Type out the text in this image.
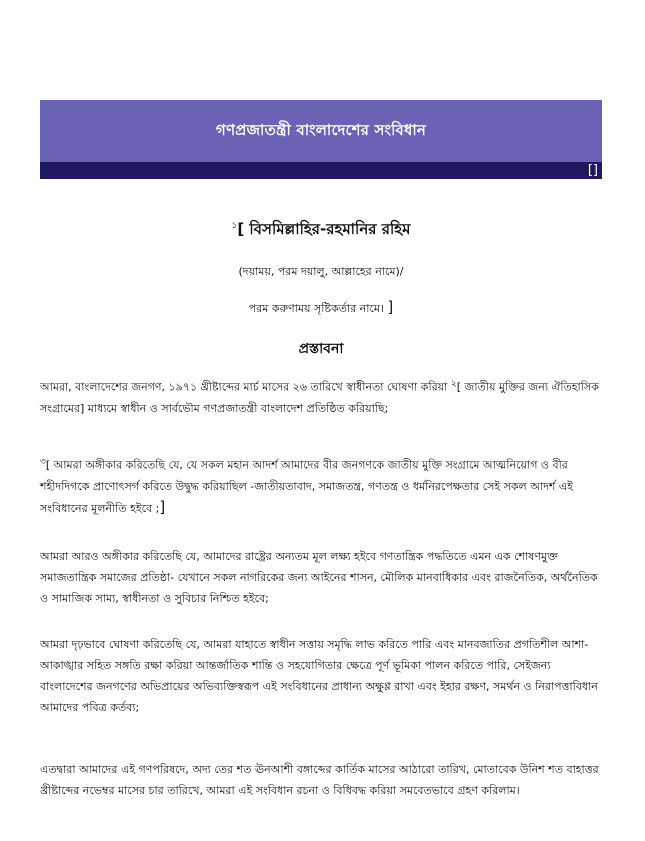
গণপ্রজাতন্ত্রী বাংলাদেশের সংবিধান
[]
$^১$[ বিসমিল্লাহির-রহমানির রহিম
(দয়াময়, পরম দয়ালু, আল্লাহের নামে)/
পরম করুণাময় সৃষ্টিকর্তার নামে। ]
প্রস্তাবনা
আমরা, বাংলাদেশের জনগণ, ১৯৭১ খ্রীষ্টাব্দের মার্চ মাসের ২৬ তারিখে স্বাধীনতা ঘোষণা করিয়া $^২$[ জাতীয় মুক্তির জন্য ঐতিহাসিক সংগ্রামের] মাধ্যমে স্বাধীন ও সার্বভৌম গণপ্রজাতন্ত্রী বাংলাদেশ প্রতিষ্ঠিত করিয়াছি;
$^৩$[ আমরা অঙ্গীকার করিতেছি যে, যে সকল মহান আদর্শ আমাদের বীর জনগণকে জাতীয় মুক্তি সংগ্রামে আত্মনিয়োগ ও বীর শহীদদিগকে প্রাণোৎসর্গ করিতে উদ্বুদ্ধ করিয়াছিল -জাতীয়তাবাদ, সমাজতন্ত্র, গণতন্ত্র ও ধর্মনিরপেক্ষতার সেই সকল আদর্শ এই সংবিধানের মূলনীতি হইবে ;]
আমরা আরও অঙ্গীকার করিতেছি যে, আমাদের রাষ্ট্রের অন্যতম মূল লক্ষ্য হইবে গণতান্ত্রিক পদ্ধতিতে এমন এক শোষণমুক্ত সমাজতান্ত্রিক সমাজের প্রতিষ্ঠা- যেখানে সকল নাগরিকের জন্য আইনের শাসন, মৌলিক মানবাধিকার এবং রাজনৈতিক, অর্থনৈতিক ও সামাজিক সাম্য, স্বাধীনতা ও সুবিচার নিশ্চিত হইবে;
আমরা দৃঢ়ভাবে ঘোষণা করিতেছি যে, আমরা যাহাতে স্বাধীন সত্তায় সমৃদ্ধি লাভ করিতে পারি এবং মানবজাতির প্রগতিশীল আশা-আকাঙ্খার সহিত সঙ্গতি রক্ষা করিয়া আন্তর্জাতিক শান্তি ও সহযোগিতার ক্ষেত্রে পূর্ণ ভূমিকা পালন করিতে পারি, সেইজন্য বাংলাদেশের জনগণের অভিপ্রায়ের অভিব্যক্তিস্বরূপ এই সংবিধানের প্রাধান্য অক্ষুণ্ণ রাখা এবং ইহার রক্ষণ, সমর্থন ও নিরাপত্তাবিধান আমাদের পবিত্র কর্তব্য;
এতদ্বারা আমাদের এই গণপরিষদে, অদ্য তের শত ঊনআশী বঙ্গাব্দের কার্তিক মাসের আঠারো তারিখ, মোতাবেক উনিশ শত বাহাত্তর খ্রীষ্টাব্দের নভেম্বর মাসের চার তারিখে, আমরা এই সংবিধান রচনা ও বিধিবদ্ধ করিয়া সমবেতভাবে গ্রহণ করিলাম।
